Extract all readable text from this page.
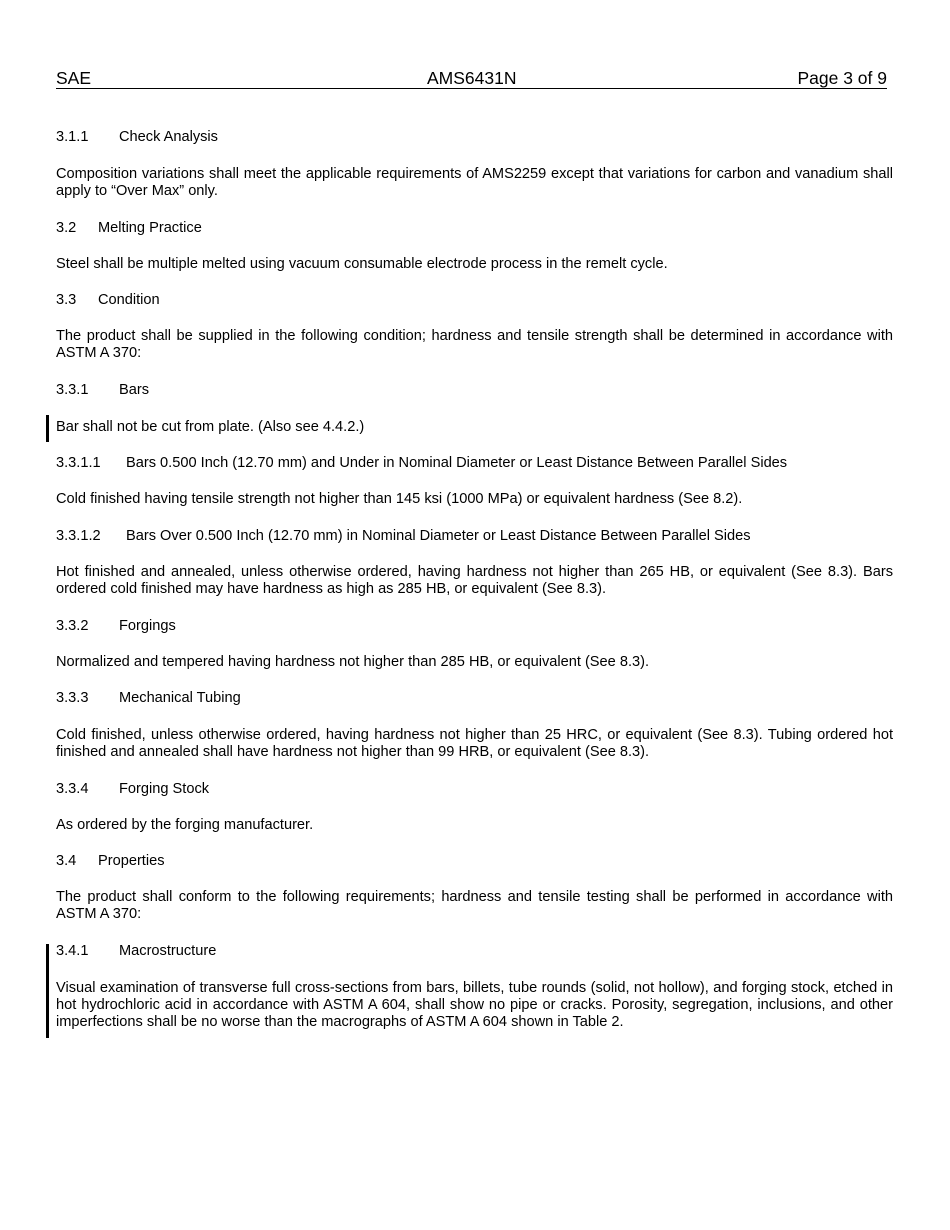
SAE	AMS6431N	Page 3 of 9
3.1.1 Check Analysis
Composition variations shall meet the applicable requirements of AMS2259 except that variations for carbon and vanadium shall apply to “Over Max” only.
3.2 Melting Practice
Steel shall be multiple melted using vacuum consumable electrode process in the remelt cycle.
3.3 Condition
The product shall be supplied in the following condition; hardness and tensile strength shall be determined in accordance with ASTM A 370:
3.3.1 Bars
Bar shall not be cut from plate. (Also see 4.4.2.)
3.3.1.1 Bars 0.500 Inch (12.70 mm) and Under in Nominal Diameter or Least Distance Between Parallel Sides
Cold finished having tensile strength not higher than 145 ksi (1000 MPa) or equivalent hardness (See 8.2).
3.3.1.2 Bars Over 0.500 Inch (12.70 mm) in Nominal Diameter or Least Distance Between Parallel Sides
Hot finished and annealed, unless otherwise ordered, having hardness not higher than 265 HB, or equivalent (See 8.3). Bars ordered cold finished may have hardness as high as 285 HB, or equivalent (See 8.3).
3.3.2 Forgings
Normalized and tempered having hardness not higher than 285 HB, or equivalent (See 8.3).
3.3.3 Mechanical Tubing
Cold finished, unless otherwise ordered, having hardness not higher than 25 HRC, or equivalent (See 8.3). Tubing ordered hot finished and annealed shall have hardness not higher than 99 HRB, or equivalent (See 8.3).
3.3.4 Forging Stock
As ordered by the forging manufacturer.
3.4 Properties
The product shall conform to the following requirements; hardness and tensile testing shall be performed in accordance with ASTM A 370:
3.4.1 Macrostructure
Visual examination of transverse full cross-sections from bars, billets, tube rounds (solid, not hollow), and forging stock, etched in hot hydrochloric acid in accordance with ASTM A 604, shall show no pipe or cracks. Porosity, segregation, inclusions, and other imperfections shall be no worse than the macrographs of ASTM A 604 shown in Table 2.
